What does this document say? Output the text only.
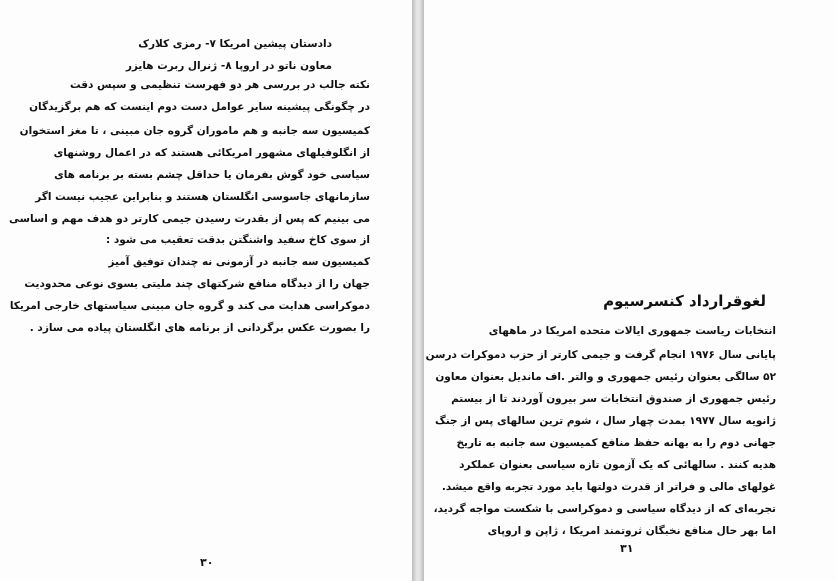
۷- رمزی کلارک دادستان پیشین امریکا
۸- ژنرال ربرت هایزر معاون ناتو در اروپا
نکته جالب در بررسی هر دو فهرست تنظیمی و سپس دقت
در چگونگی پیشینه سایر عوامل دست دوم اینست که هم برگزیدگان
کمیسیون سه جانبه و هم ماموران گروه جان مبینی ، تا مغز استخوان
از انگلوفیلهای مشهور امریکائی هستند که در اعمال روشنهای
سیاسی خود گوش بفرمان یا حداقل چشم بسته بر برنامه های
سازمانهای جاسوسی انگلستان هستند و بنابراین عجیب نیست اگر
می بینیم که پس از بقدرت رسیدن جیمی کارتر دو هدف مهم و اساسی
از سوی کاخ سفید واشنگتن بدقت تعقیب می شود :
کمیسیون سه جانبه در آزمونی نه چندان توفیق آمیز
جهان را از دیدگاه منافع شرکتهای چند ملیتی بسوی نوعی محدودیت
دموکراسی هدایت می کند و گروه جان مبینی سیاستهای خارجی امریکا
را بصورت عکس برگردانی از برنامه های انگلستان پیاده می سازد .
۳۰
لغوقرارداد کنسرسیوم
انتخابات ریاست جمهوری ایالات متحده امریکا در ماههای
پایانی سال ۱۹۷۶ انجام گرفت و جیمی کارتر از حزب دموکرات درسن
۵۲ سالگی بعنوان رئیس جمهوری و والتر .اف ماندیل بعنوان معاون
رئیس جمهوری از صندوق انتخابات سر بیرون آوردند تا از بیستم
ژانویه سال ۱۹۷۷ بمدت چهار سال ، شوم ترین سالهای پس از جنگ
جهانی دوم را به بهانه حفظ منافع کمیسیون سه جانبه به تاریخ
هدیه کنند . سالهائی که یک آزمون تازه سیاسی بعنوان عملکرد
غولهای مالی و فراتر از قدرت دولتها باید مورد تجربه واقع میشد.
تجربه‌ای که از دیدگاه سیاسی و دموکراسی با شکست مواجه گردید،
اما بهر حال منافع نخبگان ثروتمند امریکا ، ژاپن و اروپای
۳۱
